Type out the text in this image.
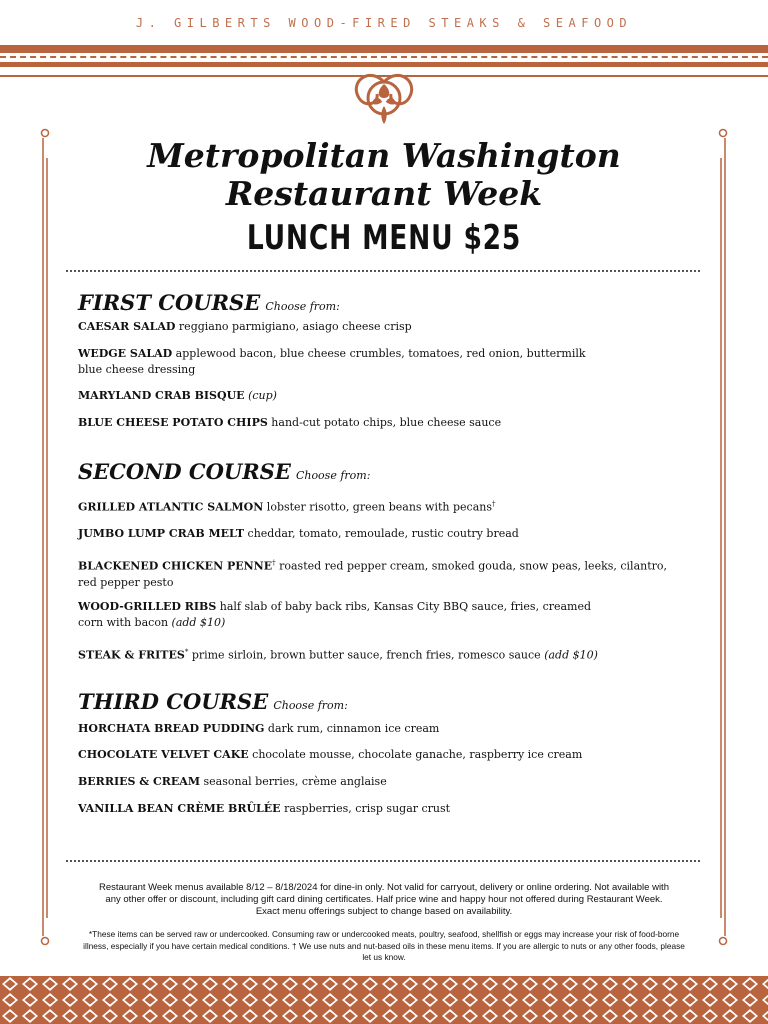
J. GILBERTS WOOD-FIRED STEAKS & SEAFOOD
Metropolitan Washington
Restaurant Week
LUNCH MENU $25
FIRST COURSE Choose from:
CAESAR SALAD reggiano parmigiano, asiago cheese crisp
WEDGE SALAD applewood bacon, blue cheese crumbles, tomatoes, red onion, buttermilk
blue cheese dressing
MARYLAND CRAB BISQUE (cup)
BLUE CHEESE POTATO CHIPS hand-cut potato chips, blue cheese sauce
SECOND COURSE Choose from:
GRILLED ATLANTIC SALMON lobster risotto, green beans with pecans†
JUMBO LUMP CRAB MELT cheddar, tomato, remoulade, rustic coutry bread
BLACKENED CHICKEN PENNE† roasted red pepper cream, smoked gouda, snow peas, leeks, cilantro,
red pepper pesto
WOOD-GRILLED RIBS half slab of baby back ribs, Kansas City BBQ sauce, fries, creamed
corn with bacon (add $10)
STEAK & FRITES* prime sirloin, brown butter sauce, french fries, romesco sauce (add $10)
THIRD COURSE Choose from:
HORCHATA BREAD PUDDING dark rum, cinnamon ice cream
CHOCOLATE VELVET CAKE chocolate mousse, chocolate ganache, raspberry ice cream
BERRIES & CREAM seasonal berries, crème anglaise
VANILLA BEAN CRÈME BRÛLÉE raspberries, crisp sugar crust
Restaurant Week menus available 8/12 – 8/18/2024 for dine-in only. Not valid for carryout, delivery or online ordering. Not available with
any other offer or discount, including gift card dining certificates. Half price wine and happy hour not offered during Restaurant Week.
Exact menu offerings subject to change based on availability.
*These items can be served raw or undercooked. Consuming raw or undercooked meats, poultry, seafood, shellfish or eggs may increase your risk of food-borne
illness, especially if you have certain medical conditions. † We use nuts and nut-based oils in these menu items. If you are allergic to nuts or any other foods, please
let us know.
